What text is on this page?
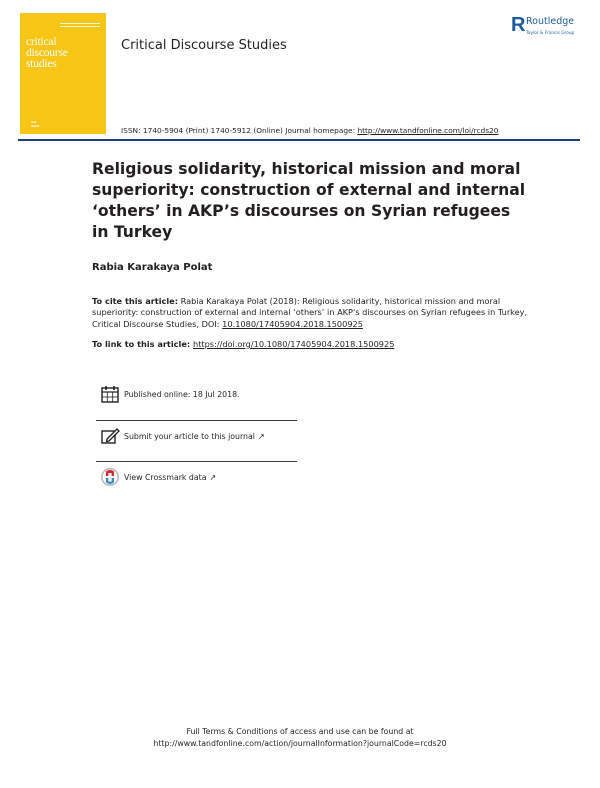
critical
discourse
studies
▬▬
▬▬▬
Critical Discourse Studies
R Routledge
Taylor & Francis Group
ISSN: 1740-5904 (Print) 1740-5912 (Online) Journal homepage: http://www.tandfonline.com/loi/rcds20
Religious solidarity, historical mission and moral superiority: construction of external and internal ‘others’ in AKP’s discourses on Syrian refugees in Turkey
Rabia Karakaya Polat
To cite this article: Rabia Karakaya Polat (2018): Religious solidarity, historical mission and moral superiority: construction of external and internal ‘others’ in AKP's discourses on Syrian refugees in Turkey, Critical Discourse Studies, DOI: 10.1080/17405904.2018.1500925
To link to this article: https://doi.org/10.1080/17405904.2018.1500925
Published online: 18 Jul 2018.
Submit your article to this journal ↗
View Crossmark data ↗
Full Terms & Conditions of access and use can be found at
http://www.tandfonline.com/action/journalInformation?journalCode=rcds20
